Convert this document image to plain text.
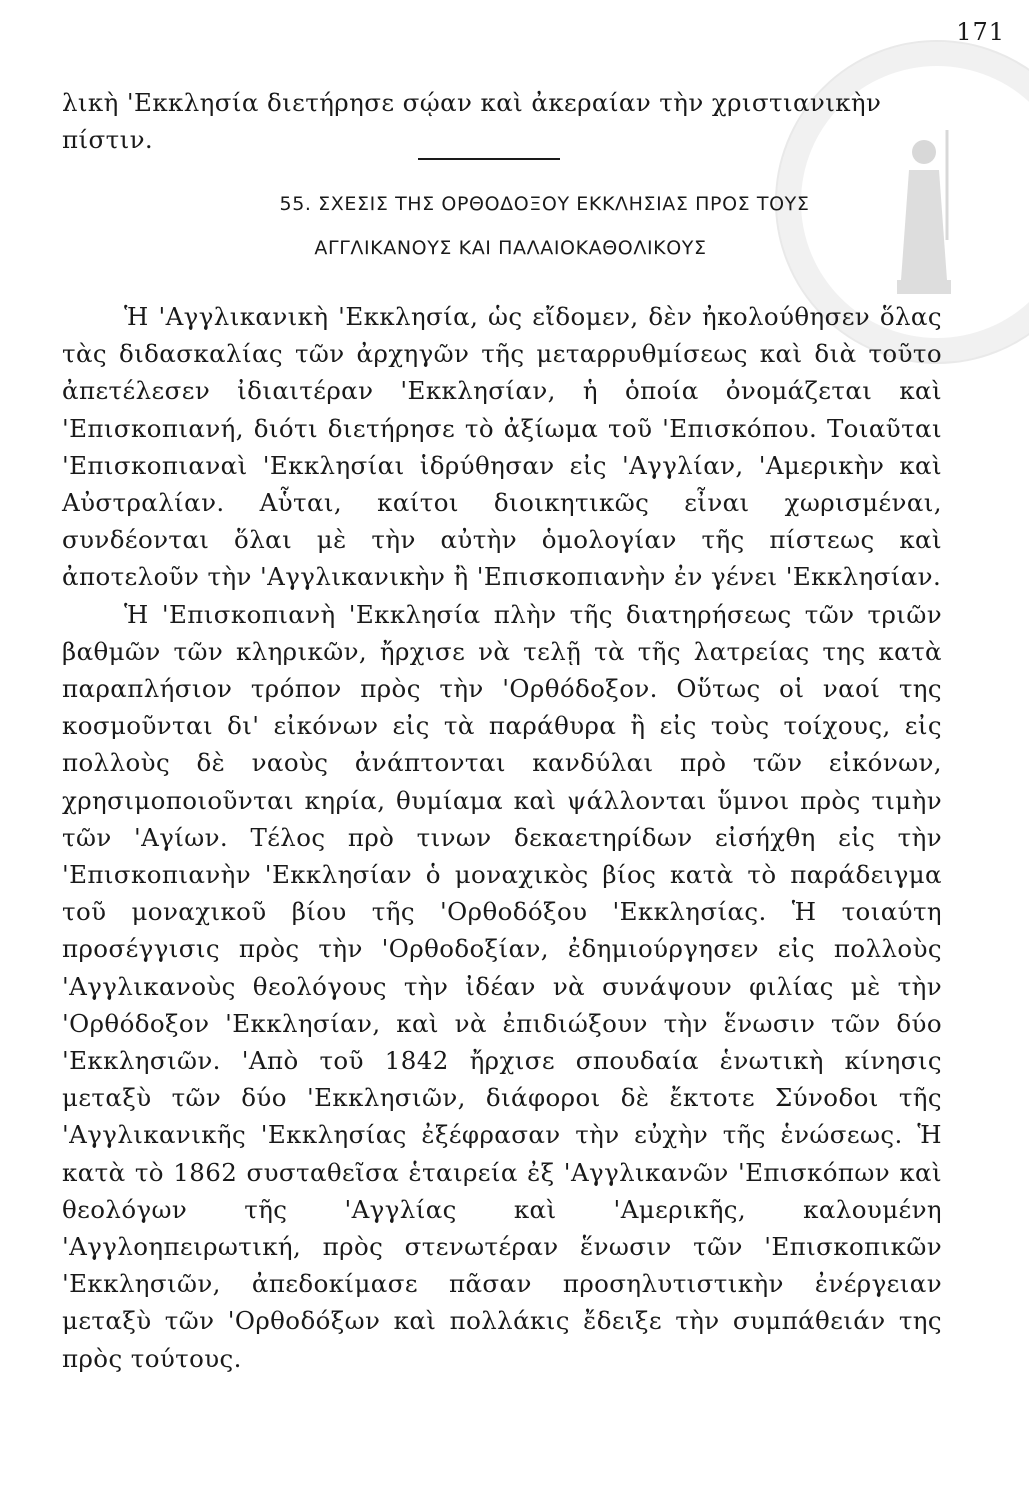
171

λικὴ 'Εκκλησία διετήρησε σῴαν καὶ ἀκεραίαν τὴν χριστιανικὴν

πίστιν.

55. ΣΧΕΣΙΣ ΤΗΣ ΟΡΘΟΔΟΞΟΥ ΕΚΚΛΗΣΙΑΣ ΠΡΟΣ ΤΟΥΣ
ΑΓΓΛΙΚΑΝΟΥΣ ΚΑΙ ΠΑΛΑΙΟΚΑΘΟΛΙΚΟΥΣ

Ἡ 'Αγγλικανικὴ 'Εκκλησία, ὡς εἴδομεν, δὲν ἠκολούθησεν ὅλας τὰς διδασκαλίας τῶν ἀρχηγῶν τῆς μεταρρυθμίσεως καὶ διὰ τοῦτο ἀπετέλεσεν ἰδιαιτέραν 'Εκκλησίαν, ἡ ὁποία ὀνομάζεται καὶ 'Επισκοπιανή, διότι διετήρησε τὸ ἀξίωμα τοῦ 'Επισκόπου. Τοιαῦται 'Επισκοπιαναὶ 'Εκκλησίαι ἱδρύθησαν εἰς 'Αγγλίαν, 'Αμερικὴν καὶ Αὐστραλίαν. Αὗται, καίτοι διοικητικῶς εἶναι χωρισμέναι, συνδέονται ὅλαι μὲ τὴν αὐτὴν ὁμολογίαν τῆς πίστεως καὶ ἀποτελοῦν τὴν 'Αγγλικανικὴν ἢ 'Επισκοπιανὴν ἐν γένει 'Εκκλησίαν.

Ἡ 'Επισκοπιανὴ 'Εκκλησία πλὴν τῆς διατηρήσεως τῶν τριῶν βαθμῶν τῶν κληρικῶν, ἤρχισε νὰ τελῇ τὰ τῆς λατρείας της κατὰ παραπλήσιον τρόπον πρὸς τὴν 'Ορθόδοξον. Οὕτως οἱ ναοί της κοσμοῦνται δι' εἰκόνων εἰς τὰ παράθυρα ἢ εἰς τοὺς τοίχους, εἰς πολλοὺς δὲ ναοὺς ἀνάπτονται κανδύλαι πρὸ τῶν εἰκόνων, χρησιμοποιοῦνται κηρία, θυμίαμα καὶ ψάλλονται ὕμνοι πρὸς τιμὴν τῶν 'Αγίων. Τέλος πρὸ τινων δεκαετηρίδων εἰσήχθη εἰς τὴν 'Επισκοπιανὴν 'Εκκλησίαν ὁ μοναχικὸς βίος κατὰ τὸ παράδειγμα τοῦ μοναχικοῦ βίου τῆς 'Ορθοδόξου 'Εκκλησίας. Ἡ τοιαύτη προσέγγισις πρὸς τὴν 'Ορθοδοξίαν, ἐδημιούργησεν εἰς πολλοὺς 'Αγγλικανοὺς θεολόγους τὴν ἰδέαν νὰ συνάψουν φιλίας μὲ τὴν 'Ορθόδοξον 'Εκκλησίαν, καὶ νὰ ἐπιδιώξουν τὴν ἕνωσιν τῶν δύο 'Εκκλησιῶν. 'Απὸ τοῦ 1842 ἤρχισε σπουδαία ἑνωτικὴ κίνησις μεταξὺ τῶν δύο 'Εκκλησιῶν, διάφοροι δὲ ἔκτοτε Σύνοδοι τῆς 'Αγγλικανικῆς 'Εκκλησίας ἐξέφρασαν τὴν εὐχὴν τῆς ἑνώσεως. Ἡ κατὰ τὸ 1862 συσταθεῖσα ἑταιρεία ἐξ 'Αγγλικανῶν 'Επισκόπων καὶ θεολόγων τῆς 'Αγγλίας καὶ 'Αμερικῆς, καλουμένη 'Αγγλοηπειρωτική, πρὸς στενωτέραν ἕνωσιν τῶν 'Επισκοπικῶν 'Εκκλησιῶν, ἀπεδοκίμασε πᾶσαν προσηλυτιστικὴν ἐνέργειαν μεταξὺ τῶν 'Ορθοδόξων καὶ πολλάκις ἔδειξε τὴν συμπάθειάν της πρὸς τούτους.
